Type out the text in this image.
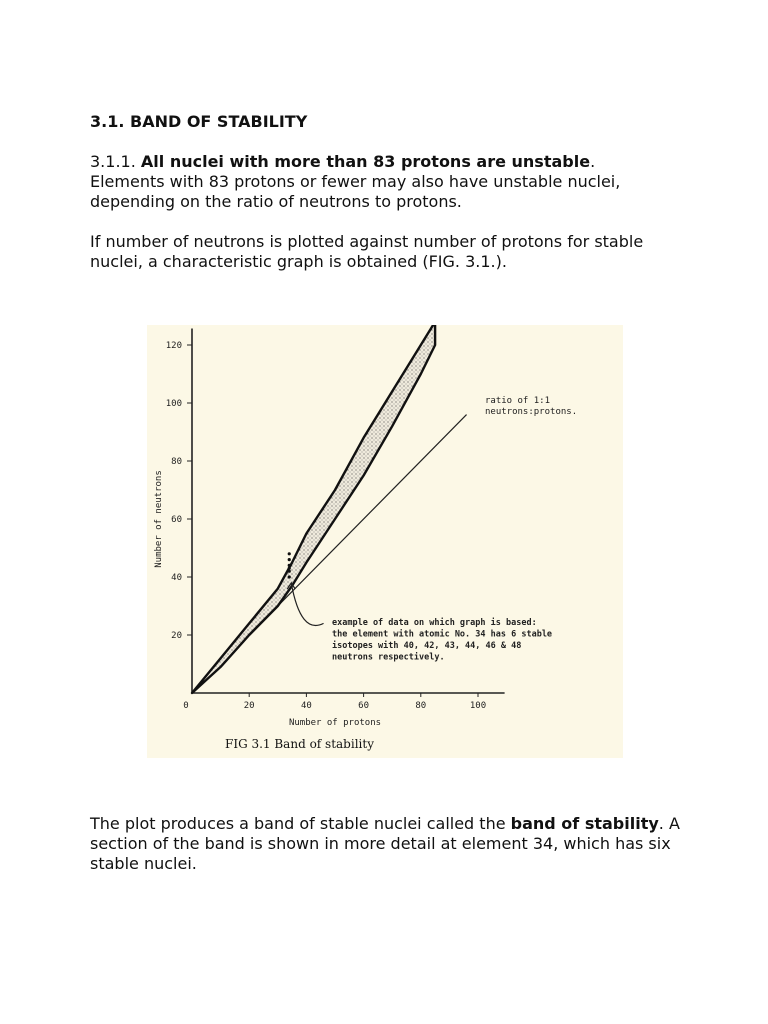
3.1. BAND OF STABILITY
3.1.1. All nuclei with more than 83 protons are unstable.
Elements with 83 protons or fewer may also have unstable nuclei, depending on the ratio of neutrons to protons.
If number of neutrons is plotted against number of protons for stable nuclei, a characteristic graph is obtained (FIG. 3.1.).
0	20	40	60	80	100
20
40
60
80
100
120
Number of protons
Number of neutrons
ratio of 1:1
neutrons:protons.
example of data on which graph is based:
the element with atomic No. 34 has 6 stable
isotopes with 40, 42, 43, 44, 46 & 48
neutrons respectively.
FIG 3.1 Band of stability
The plot produces a band of stable nuclei called the band of stability. A section of the band is shown in more detail at element 34, which has six stable nuclei.
